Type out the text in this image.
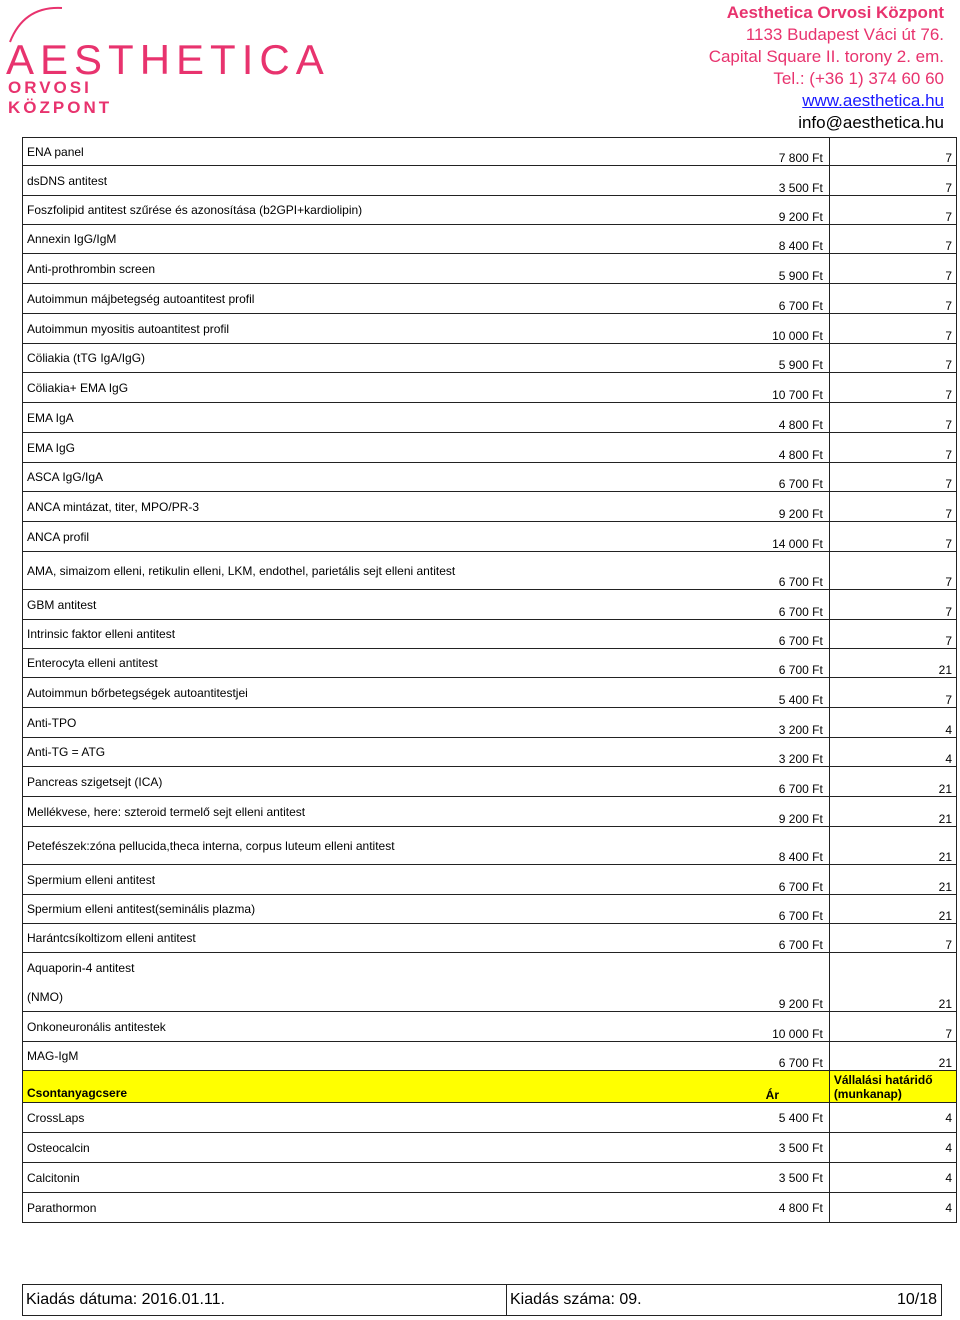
AESTHETICA
ORVOSI
KÖZPONT
Aesthetica Orvosi Központ
1133 Budapest Váci út 76.
Capital Square II. torony 2. em.
Tel.: (+36 1) 374 60 60
www.aesthetica.hu
info@aesthetica.hu
ENA panel	7 800 Ft	7
dsDNS antitest	3 500 Ft	7
Foszfolipid antitest szűrése és azonosítása (b2GPI+kardiolipin)	9 200 Ft	7
Annexin IgG/IgM	8 400 Ft	7
Anti-prothrombin screen	5 900 Ft	7
Autoimmun májbetegség autoantitest profil	6 700 Ft	7
Autoimmun myositis autoantitest profil	10 000 Ft	7
Cöliakia (tTG IgA/IgG)	5 900 Ft	7
Cöliakia+ EMA IgG	10 700 Ft	7
EMA IgA	4 800 Ft	7
EMA IgG	4 800 Ft	7
ASCA IgG/IgA	6 700 Ft	7
ANCA mintázat, titer, MPO/PR-3	9 200 Ft	7
ANCA profil	14 000 Ft	7
AMA, simaizom elleni, retikulin elleni, LKM, endothel, parietális sejt elleni antitest	6 700 Ft	7
GBM antitest	6 700 Ft	7
Intrinsic faktor elleni antitest	6 700 Ft	7
Enterocyta elleni antitest	6 700 Ft	21
Autoimmun bőrbetegségek autoantitestjei	5 400 Ft	7
Anti-TPO	3 200 Ft	4
Anti-TG = ATG	3 200 Ft	4
Pancreas szigetsejt (ICA)	6 700 Ft	21
Mellékvese, here: szteroid termelő sejt elleni antitest	9 200 Ft	21
Petefészek:zóna pellucida,theca interna, corpus luteum elleni antitest	8 400 Ft	21
Spermium elleni antitest	6 700 Ft	21
Spermium elleni antitest(seminális plazma)	6 700 Ft	21
Harántcsíkoltizom elleni antitest	6 700 Ft	7
Aquaporin-4 antitest		
(NMO)	9 200 Ft	21
Onkoneuronális antitestek	10 000 Ft	7
MAG-IgM	6 700 Ft	21
Csontanyagcsere	Ár	Vállalási határidő (munkanap)
CrossLaps	5 400 Ft	4
Osteocalcin	3 500 Ft	4
Calcitonin	3 500 Ft	4
Parathormon	4 800 Ft	4
Kiadás dátuma: 2016.01.11.	Kiadás száma: 09.	10/18
